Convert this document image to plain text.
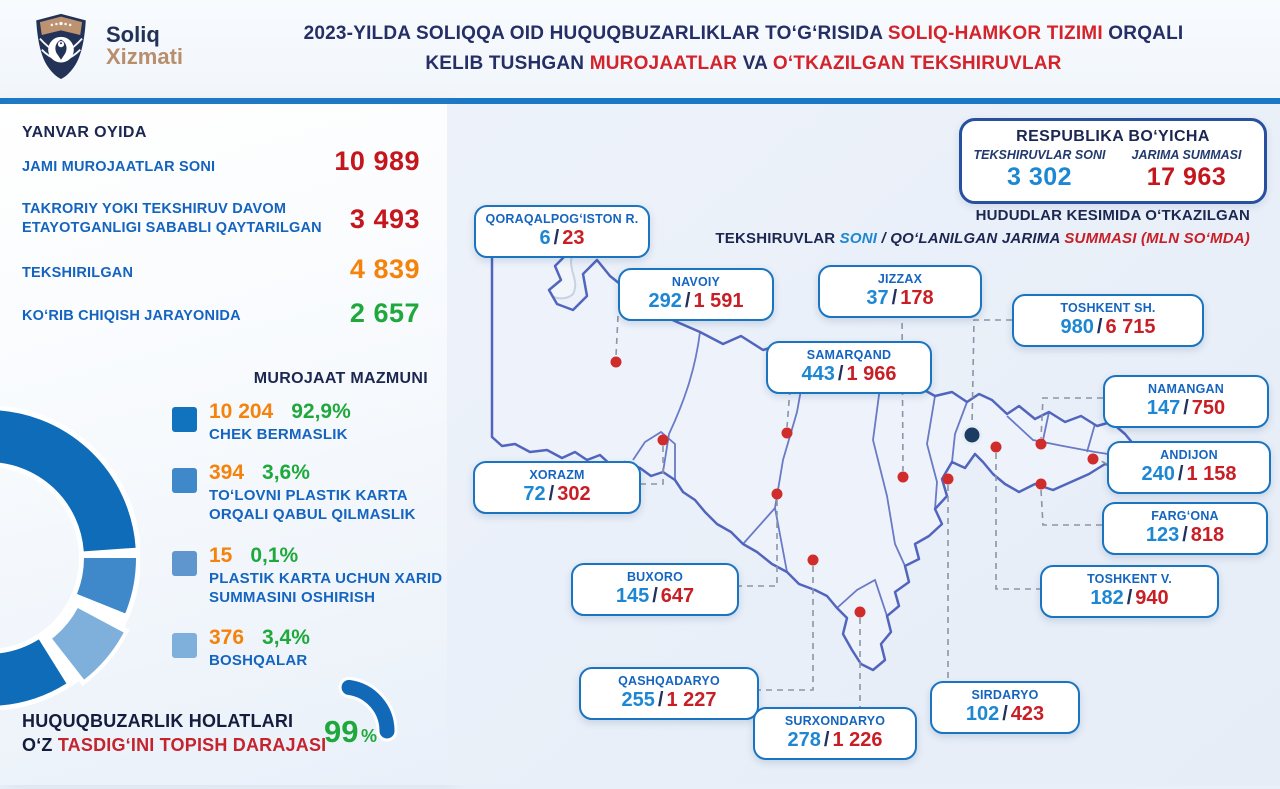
Soliq
Xizmati
2023-YILDA SOLIQQA OID HUQUQBUZARLIKLAR TOʻGʻRISIDA SOLIQ-HAMKOR TIZIMI ORQALI
KELIB TUSHGAN MUROJAATLAR VA OʻTKAZILGAN TEKSHIRUVLAR
YANVAR OYIDA
JAMI MUROJAATLAR SONI	10 989
TAKRORIY YOKI TEKSHIRUV DAVOM ETAYOTGANLIGI SABABLI QAYTARILGAN	3 493
TEKSHIRILGAN	4 839
KOʻRIB CHIQISH JARAYONIDA	2 657
MUROJAAT MAZMUNI
10 204 92,9%
CHEK BERMASLIK
394 3,6%
TOʻLOVNI PLASTIK KARTA ORQALI QABUL QILMASLIK
15 0,1%
PLASTIK KARTA UCHUN XARID SUMMASINI OSHIRISH
376 3,4%
BOSHQALAR
HUQUQBUZARLIK HOLATLARI
OʻZ TASDIGʻINI TOPISH DARAJASI
99 %
RESPUBLIKA BOʻYICHA
TEKSHIRUVLAR SONI
3 302
JARIMA SUMMASI
17 963
HUDUDLAR KESIMIDA OʻTKAZILGAN
TEKSHIRUVLAR SONI / QOʻLANILGAN JARIMA SUMMASI (MLN SOʻMDA)
QORAQALPOGʻISTON R.
6 / 23
NAVOIY
292 / 1 591
JIZZAX
37 / 178	TOSHKENT SH.
980 / 6 715
SAMARQAND
443 / 1 966
NAMANGAN
147 / 750
ANDIJON
240 / 1 158
XORAZM
72 / 302
FARGʻONA
123 / 818
BUXORO
145 / 647
TOSHKENT V.
182 / 940
QASHQADARYO
255 / 1 227
SURXONDARYO
278 / 1 226
SIRDARYO
102 / 423
